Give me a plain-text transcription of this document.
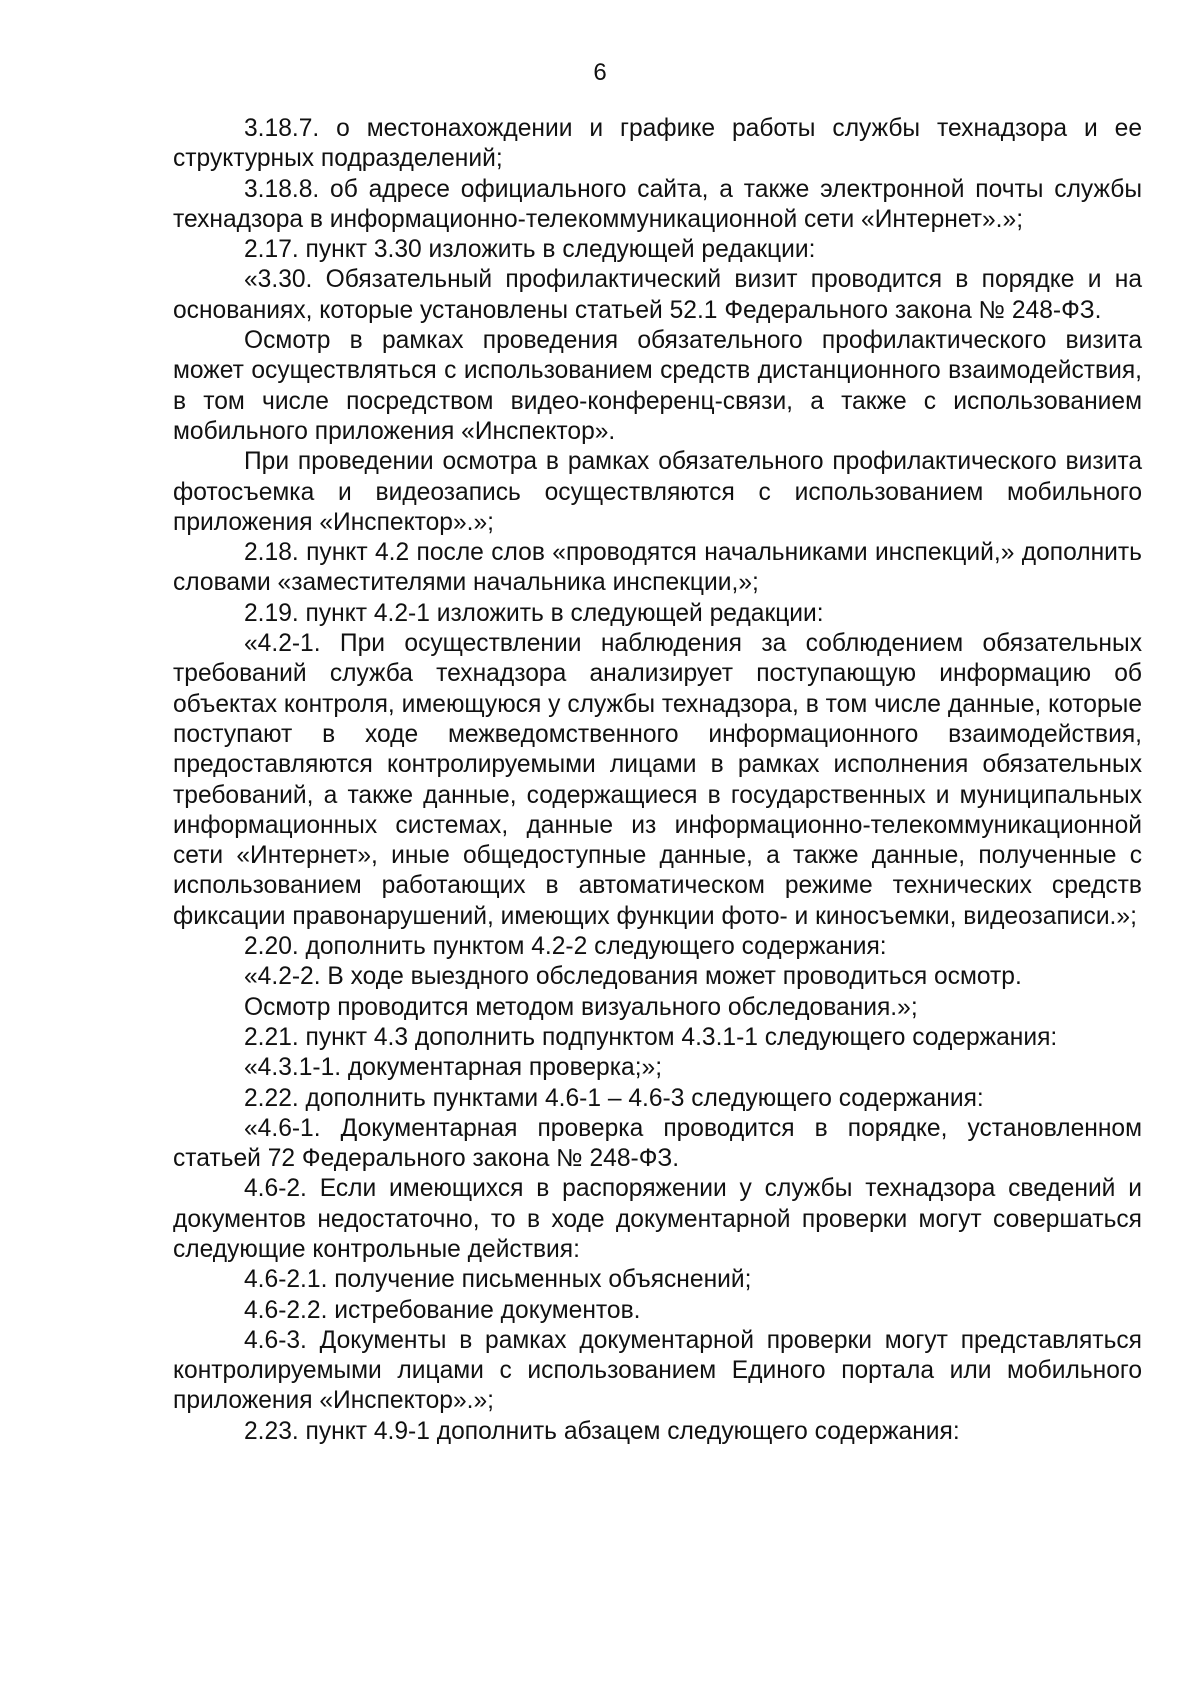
6

3.18.7. о местонахождении и графике работы службы технадзора и ее структурных подразделений;

3.18.8. об адресе официального сайта, а также электронной почты службы технадзора в информационно-телекоммуникационной сети «Интернет».»;

2.17. пункт 3.30 изложить в следующей редакции:

«3.30. Обязательный профилактический визит проводится в порядке и на основаниях, которые установлены статьей 52.1 Федерального закона № 248-ФЗ.

Осмотр в рамках проведения обязательного профилактического визита может осуществляться с использованием средств дистанционного взаимодействия, в том числе посредством видео-конференц-связи, а также с использованием мобильного приложения «Инспектор».

При проведении осмотра в рамках обязательного профилактического визита фотосъемка и видеозапись осуществляются с использованием мобильного приложения «Инспектор».»;

2.18. пункт 4.2 после слов «проводятся начальниками инспекций,» дополнить словами «заместителями начальника инспекции,»;

2.19. пункт 4.2-1 изложить в следующей редакции:

«4.2-1. При осуществлении наблюдения за соблюдением обязательных требований служба технадзора анализирует поступающую информацию об объектах контроля, имеющуюся у службы технадзора, в том числе данные, которые поступают в ходе межведомственного информационного взаимодействия, предоставляются контролируемыми лицами в рамках исполнения обязательных требований, а также данные, содержащиеся в государственных и муниципальных информационных системах, данные из информационно-телекоммуникационной сети «Интернет», иные общедоступные данные, а также данные, полученные с использованием работающих в автоматическом режиме технических средств фиксации правонарушений, имеющих функции фото- и киносъемки, видеозаписи.»;

2.20. дополнить пунктом 4.2-2 следующего содержания:

«4.2-2. В ходе выездного обследования может проводиться осмотр.

Осмотр проводится методом визуального обследования.»;

2.21. пункт 4.3 дополнить подпунктом 4.3.1-1 следующего содержания:

«4.3.1-1. документарная проверка;»;

2.22. дополнить пунктами 4.6-1 – 4.6-3 следующего содержания:

«4.6-1. Документарная проверка проводится в порядке, установленном статьей 72 Федерального закона № 248-ФЗ.

4.6-2. Если имеющихся в распоряжении у службы технадзора сведений и документов недостаточно, то в ходе документарной проверки могут совершаться следующие контрольные действия:

4.6-2.1. получение письменных объяснений;

4.6-2.2. истребование документов.

4.6-3. Документы в рамках документарной проверки могут представляться контролируемыми лицами с использованием Единого портала или мобильного приложения «Инспектор».»;

2.23. пункт 4.9-1 дополнить абзацем следующего содержания:
